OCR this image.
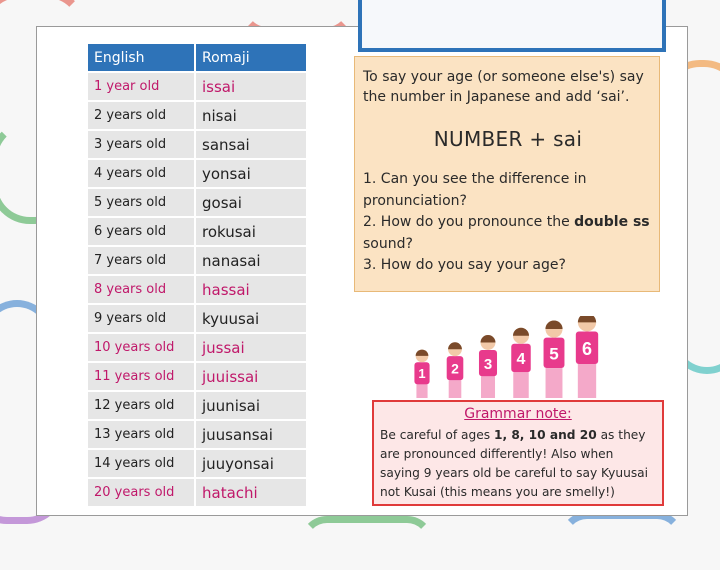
English	Romaji
1 year old	issai
2 years old	nisai
3 years old	sansai
4 years old	yonsai
5 years old	gosai
6 years old	rokusai
7 years old	nanasai
8 years old	hassai
9 years old	kyuusai
10 years old	jussai
11 years old	juuissai
12 years old	juunisai
13 years old	juusansai
14 years old	juuyonsai
20 years old	hatachi

To say your age (or someone else's) say the number in Japanese and add ‘sai’.

NUMBER + sai

1. Can you see the difference in pronunciation?
2. How do you pronounce the double ss sound?
3. How do you say your age?

1 2 3 4 5 6
Grammar note:
Be careful of ages 1, 8, 10 and 20 as they are pronounced differently! Also when saying 9 years old be careful to say Kyuusai not Kusai (this means you are smelly!)
